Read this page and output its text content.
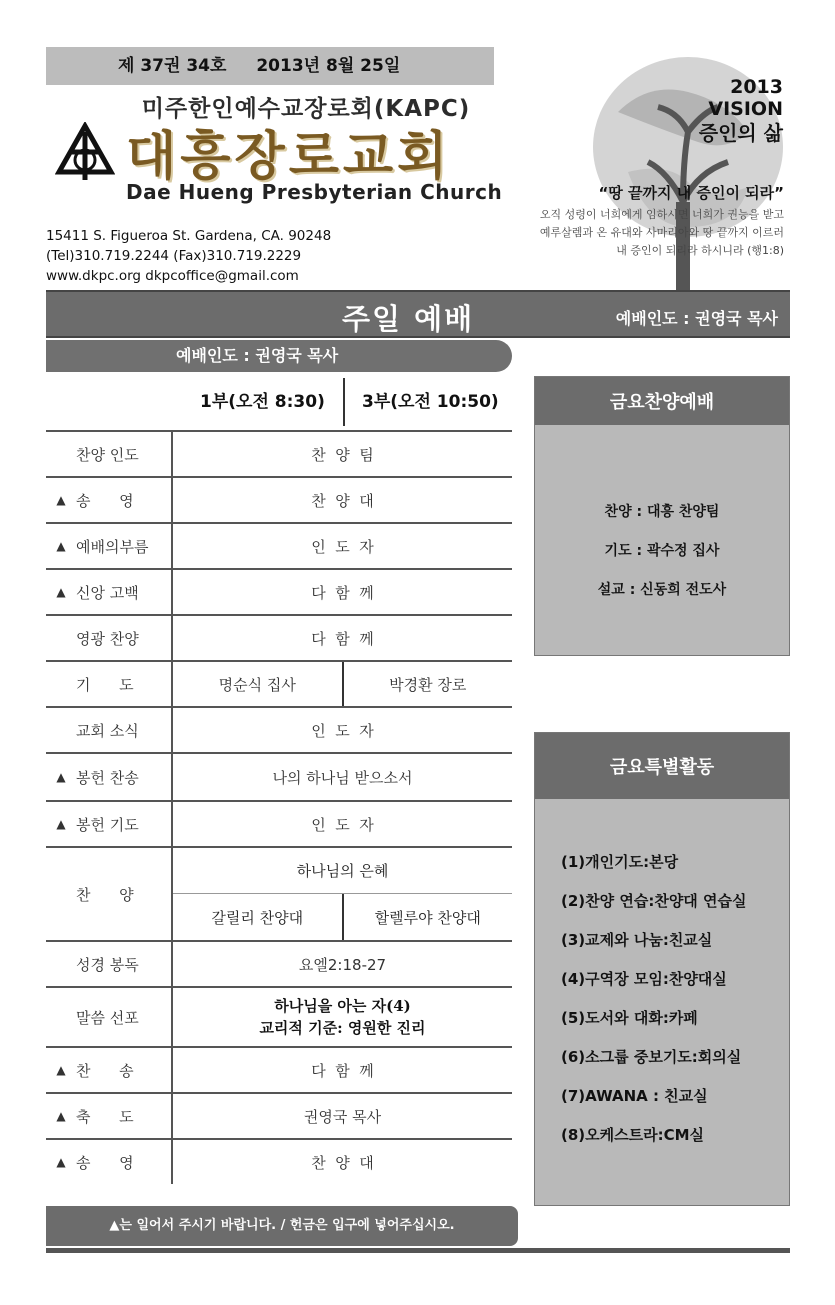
제 37권 34호 2013년 8월 25일
미주한인예수교장로회(KAPC)
대흥장로교회
Dae Hueng Presbyterian Church
2013
VISION
증인의 삶
“땅 끝까지 내 증인이 되라”
오직 성령이 너희에게 임하시면 너희가 권능을 받고
예루살렘과 온 유대와 사마리아와 땅 끝까지 이르러
내 증인이 되리라 하시니라 (행1:8)
15411 S. Figueroa St. Gardena, CA. 90248
(Tel)310.719.2244 (Fax)310.719.2229
www.dkpc.org dkpcoffice@gmail.com
주일 예배	예배인도 : 권영국 목사
예배인도 : 권영국 목사
1부(오전 8:30) 3부(오전 10:50)
찬양 인도	찬  양  팀
▲ 송      영	찬  양  대
▲ 예배의부름	인  도  자
▲ 신앙 고백	다  함  께
영광 찬양	다  함  께
기      도	명순식 집사	박경환 장로
교회 소식	인  도  자
▲ 봉헌 찬송	나의 하나님 받으소서
▲ 봉헌 기도	인  도  자
찬      양
하나님의 은혜
갈릴리 찬양대	할렐루야 찬양대
성경 봉독	요엘2:18-27
말씀 선포
하나님을 아는 자(4)
교리적 기준: 영원한 진리
▲ 찬      송	다  함  께
▲ 축      도	권영국 목사
▲ 송      영	찬  양  대
▲는 일어서 주시기 바랍니다. / 헌금은 입구에 넣어주십시오.
금요찬양예배
찬양 : 대흥 찬양팀
기도 : 곽수정 집사
설교 : 신동희 전도사
금요특별활동
(1)개인기도:본당
(2)찬양 연습:찬양대 연습실
(3)교제와 나눔:친교실
(4)구역장 모임:찬양대실
(5)도서와 대화:카페
(6)소그룹 중보기도:회의실
(7)AWANA : 친교실
(8)오케스트라:CM실
